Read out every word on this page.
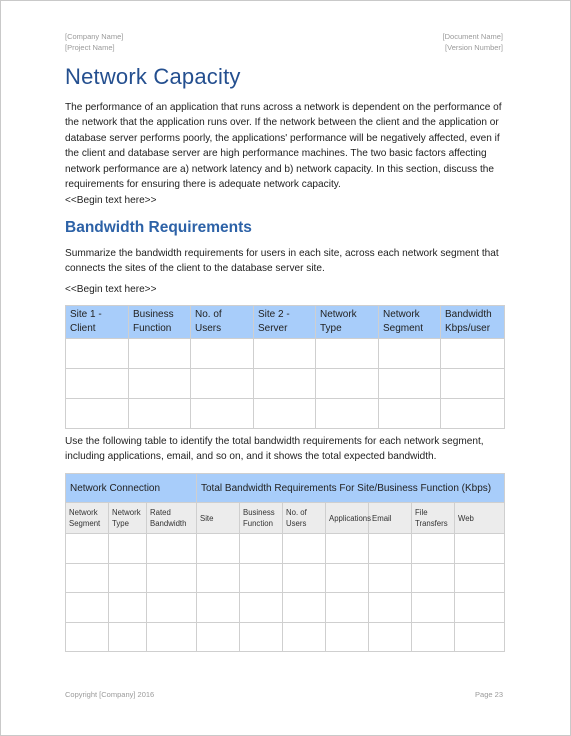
[Company Name]
[Project Name]
[Document Name]
[Version Number]
Network Capacity

The performance of an application that runs across a network is dependent on the performance of the network that the application runs over. If the network between the client and the application or database server performs poorly, the applications' performance will be negatively affected, even if the client and database server are high performance machines. The two basic factors affecting network performance are a) network latency and b) network capacity. In this section, discuss the requirements for ensuring there is adequate network capacity.

<<Begin text here>>

Bandwidth Requirements

Summarize the bandwidth requirements for users in each site, across each network segment that connects the sites of the client to the database server site.

<<Begin text here>>

Site 1 - Client	Business Function	No. of Users	Site 2 - Server	Network Type	Network Segment	Bandwidth Kbps/user

Use the following table to identify the total bandwidth requirements for each network segment, including applications, email, and so on, and it shows the total expected bandwidth.

Network Connection			Total Bandwidth Requirements For Site/Business Function (Kbps)						
Network Segment	Network Type	Rated Bandwidth	Site	Business Function	No. of Users	Applications	Email	File Transfers	Web

Copyright [Company] 2016	Page 23
